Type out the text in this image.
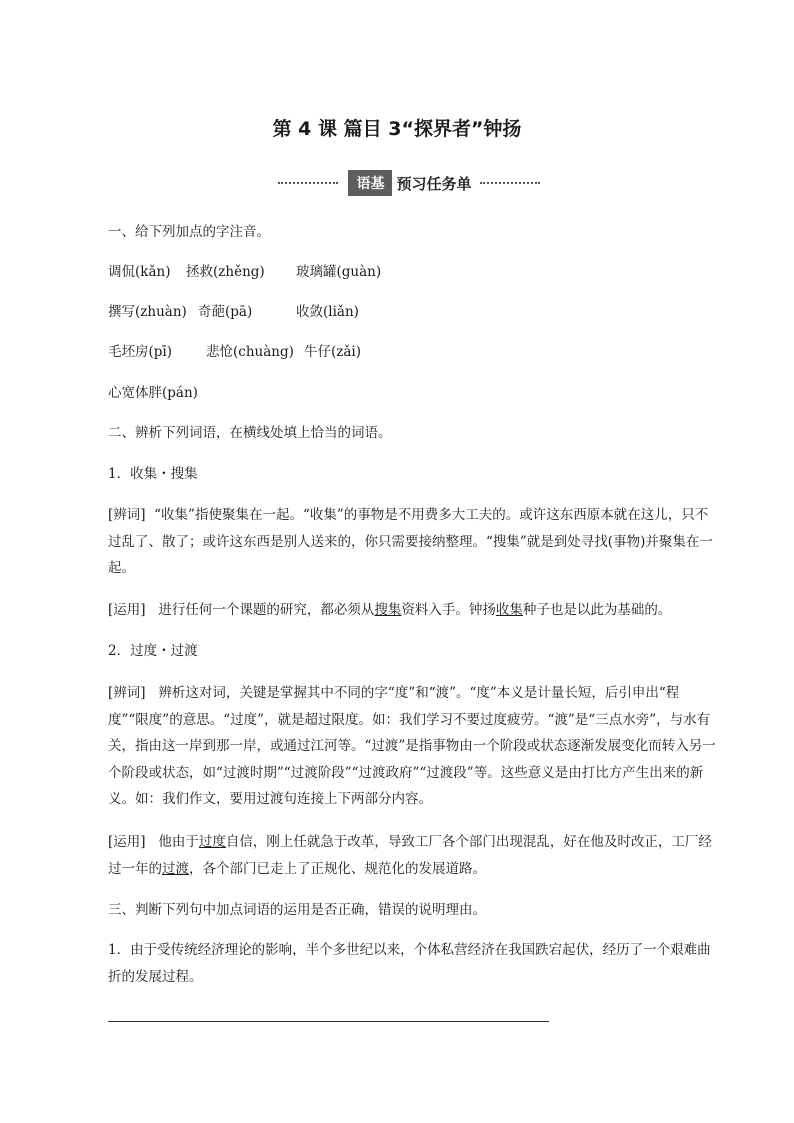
第 4 课 篇目 3“探界者”钟扬
语基 预习任务单

一、给下列加点的字注音。

调侃(kǎn) 拯救(zhěng) 玻璃罐(guàn)

撰写(zhuàn) 奇葩(pā)	收敛(liǎn)

毛坯房(pī)	悲怆(chuàng) 牛仔(zǎi)

心宽体胖(pán)

二、辨析下列词语，在横线处填上恰当的词语。

1．收集・搜集

[辨词] “收集”指使聚集在一起。“收集”的事物是不用费多大工夫的。或许这东西原本就在这儿，只不过乱了、散了；或许这东西是别人送来的，你只需要接纳整理。“搜集”就是到处寻找(事物)并聚集在一起。

[运用] 进行任何一个课题的研究，都必须从搜集资料入手。钟扬收集种子也是以此为基础的。

2．过度・过渡

[辨词] 辨析这对词，关键是掌握其中不同的字“度”和“渡”。“度”本义是计量长短，后引申出“程度”“限度”的意思。“过度”，就是超过限度。如：我们学习不要过度疲劳。“渡”是“三点水旁”，与水有关，指由这一岸到那一岸，或通过江河等。“过渡”是指事物由一个阶段或状态逐渐发展变化而转入另一个阶段或状态，如“过渡时期”“过渡阶段”“过渡政府”“过渡段”等。这些意义是由打比方产生出来的新义。如：我们作文，要用过渡句连接上下两部分内容。

[运用] 他由于过度自信，刚上任就急于改革，导致工厂各个部门出现混乱，好在他及时改正，工厂经过一年的过渡，各个部门已走上了正规化、规范化的发展道路。

三、判断下列句中加点词语的运用是否正确，错误的说明理由。

1．由于受传统经济理论的影响，半个多世纪以来，个体私营经济在我国跌宕起伏，经历了一个艰难曲折的发展过程。
